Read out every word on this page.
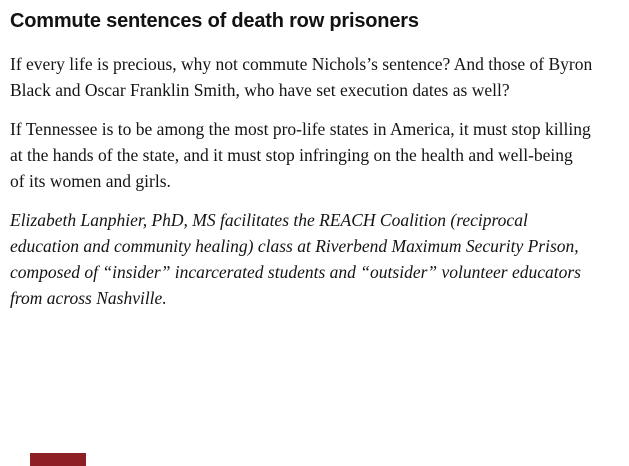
Commute sentences of death row prisoners

If every life is precious, why not commute Nichols’s sentence? And those of Byron
Black and Oscar Franklin Smith, who have set execution dates as well?

If Tennessee is to be among the most pro-life states in America, it must stop killing
at the hands of the state, and it must stop infringing on the health and well-being
of its women and girls.

Elizabeth Lanphier, PhD, MS facilitates the REACH Coalition (reciprocal
education and community healing) class at Riverbend Maximum Security Prison,
composed of “insider” incarcerated students and “outsider” volunteer educators
from across Nashville.
